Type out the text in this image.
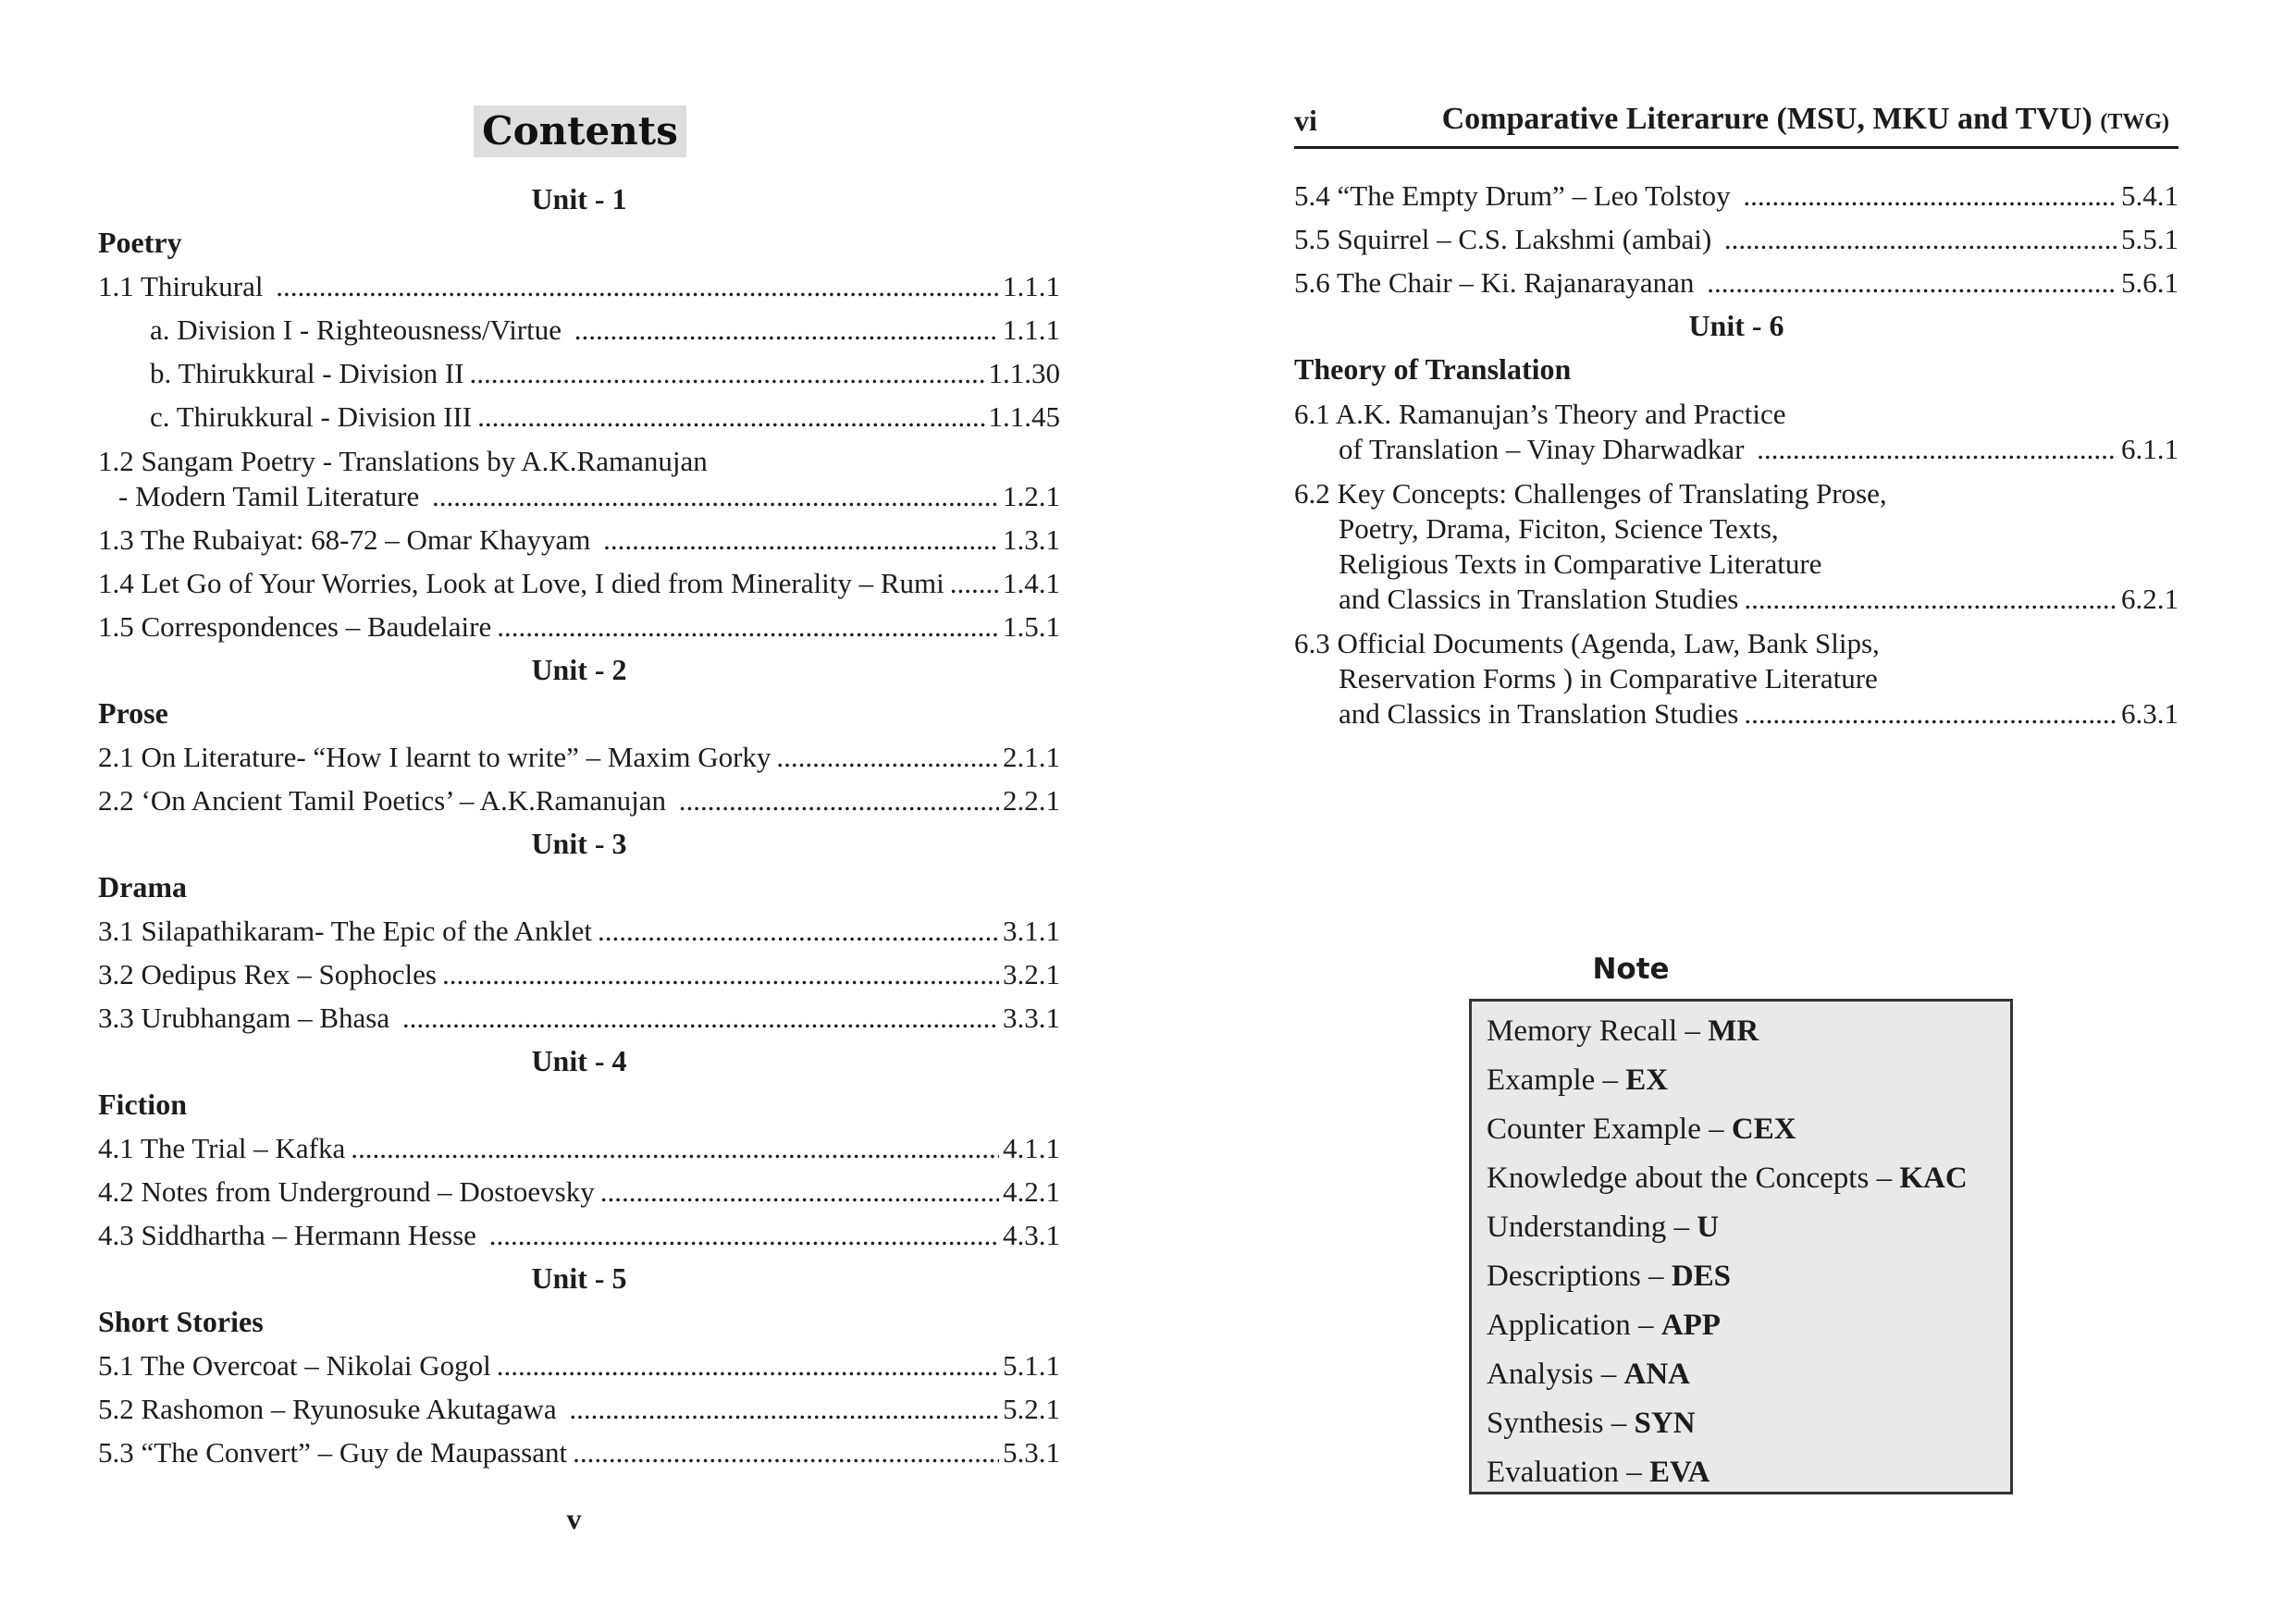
Contents
Unit - 1
Poetry
1.1 Thirukural .....	1.1.1
a. Division I - Righteousness/Virtue .....	1.1.1
b. Thirukkural - Division II .....	1.1.30
c. Thirukkural - Division III .....	1.1.45
1.2 Sangam Poetry - Translations by A.K.Ramanujan
- Modern Tamil Literature .....	1.2.1
1.3 The Rubaiyat: 68-72 – Omar Khayyam .....	1.3.1
1.4 Let Go of Your Worries, Look at Love, I died from Minerality – Rumi ..... 1.4.1
1.5 Correspondences – Baudelaire .....	1.5.1
Unit - 2
Prose
2.1 On Literature- “How I learnt to write” – Maxim Gorky .....	2.1.1
2.2 ‘On Ancient Tamil Poetics’ – A.K.Ramanujan .....	2.2.1
Unit - 3
Drama
3.1 Silapathikaram- The Epic of the Anklet .....	3.1.1
3.2 Oedipus Rex – Sophocles .....	3.2.1
3.3 Urubhangam – Bhasa .....	3.3.1
Unit - 4
Fiction
4.1 The Trial – Kafka .....	4.1.1
4.2 Notes from Underground – Dostoevsky .....	4.2.1
4.3 Siddhartha – Hermann Hesse .....	4.3.1
Unit - 5
Short Stories
5.1 The Overcoat – Nikolai Gogol .....	5.1.1
5.2 Rashomon – Ryunosuke Akutagawa .....	5.2.1
5.3 “The Convert” – Guy de Maupassant .....	5.3.1
v
vi	Comparative Literarure (MSU, MKU and TVU) (TWG)
5.4 “The Empty Drum” – Leo Tolstoy .....	5.4.1
5.5 Squirrel – C.S. Lakshmi (ambai) .....	5.5.1
5.6 The Chair – Ki. Rajanarayanan .....	5.6.1
Unit - 6
Theory of Translation
6.1 A.K. Ramanujan’s Theory and Practice
of Translation – Vinay Dharwadkar .....	6.1.1
6.2 Key Concepts: Challenges of Translating Prose,
Poetry, Drama, Ficiton, Science Texts,
Religious Texts in Comparative Literature
and Classics in Translation Studies .....	6.2.1
6.3 Official Documents (Agenda, Law, Bank Slips,
Reservation Forms ) in Comparative Literature
and Classics in Translation Studies .....	6.3.1
Note
Memory Recall – MR
Example – EX
Counter Example – CEX
Knowledge about the Concepts – KAC
Understanding – U
Descriptions – DES
Application – APP
Analysis – ANA
Synthesis – SYN
Evaluation – EVA
